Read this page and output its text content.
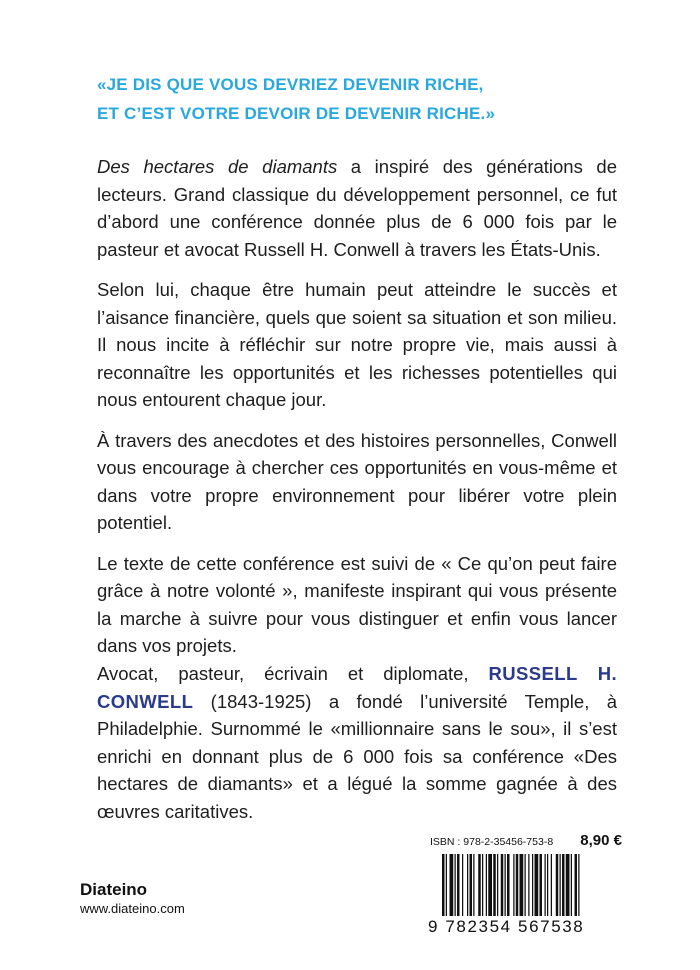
«JE DIS QUE VOUS DEVRIEZ DEVENIR RICHE,
ET C’EST VOTRE DEVOIR DE DEVENIR RICHE.»

Des hectares de diamants a inspiré des générations de lecteurs. Grand classique du développement personnel, ce fut d’abord une conférence donnée plus de 6 000 fois par le pasteur et avocat Russell H. Conwell à travers les États-Unis.

Selon lui, chaque être humain peut atteindre le succès et l’aisance financière, quels que soient sa situation et son milieu. Il nous incite à réfléchir sur notre propre vie, mais aussi à reconnaître les opportunités et les richesses potentielles qui nous entourent chaque jour.

À travers des anecdotes et des histoires personnelles, Conwell vous encourage à chercher ces opportunités en vous-même et dans votre propre environnement pour libérer votre plein potentiel.

Le texte de cette conférence est suivi de « Ce qu’on peut faire grâce à notre volonté », manifeste inspirant qui vous présente la marche à suivre pour vous distinguer et enfin vous lancer dans vos projets.

Avocat, pasteur, écrivain et diplomate, RUSSELL H. CONWELL (1843-1925) a fondé l’université Temple, à Philadelphie. Surnommé le «millionnaire sans le sou», il s’est enrichi en donnant plus de 6 000 fois sa conférence «Des hectares de diamants» et a légué la somme gagnée à des œuvres caritatives.

Diateino
www.diateino.com
ISBN : 978-2-35456-753-8 8,90 €
9 782354 567538
